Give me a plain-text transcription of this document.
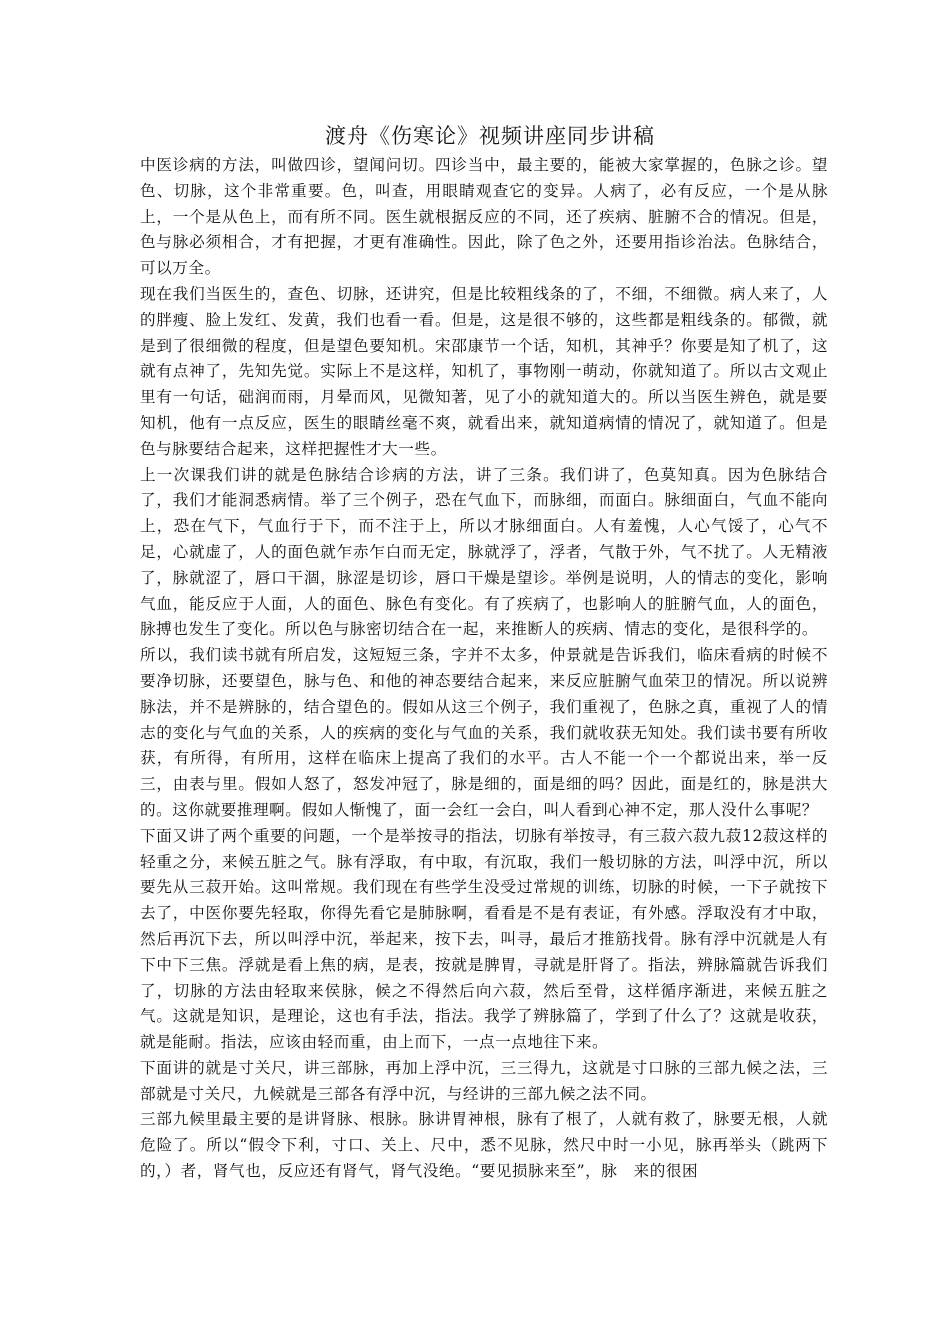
渡舟《伤寒论》视频讲座同步讲稿

中医诊病的方法，叫做四诊，望闻问切。四诊当中，最主要的，能被大家掌握的，色脉之诊。望色、切脉，这个非常重要。色，叫查，用眼睛观查它的变异。人病了，必有反应，一个是从脉上，一个是从色上，而有所不同。医生就根据反应的不同，还了疾病、脏腑不合的情况。但是，色与脉必须相合，才有把握，才更有准确性。因此，除了色之外，还要用指诊治法。色脉结合，可以万全。

现在我们当医生的，查色、切脉，还讲究，但是比较粗线条的了，不细，不细微。病人来了，人的胖瘦、脸上发红、发黄，我们也看一看。但是，这是很不够的，这些都是粗线条的。郁微，就是到了很细微的程度，但是望色要知机。宋邵康节一个话，知机，其神乎？你要是知了机了，这就有点神了，先知先觉。实际上不是这样，知机了，事物刚一萌动，你就知道了。所以古文观止里有一句话，础润而雨，月晕而风，见微知著，见了小的就知道大的。所以当医生辨色，就是要知机，他有一点反应，医生的眼睛丝毫不爽，就看出来，就知道病情的情况了，就知道了。但是色与脉要结合起来，这样把握性才大一些。

上一次课我们讲的就是色脉结合诊病的方法，讲了三条。我们讲了，色莫知真。因为色脉结合了，我们才能洞悉病情。举了三个例子，恐在气血下，而脉细，而面白。脉细面白，气血不能向上，恐在气下，气血行于下，而不注于上，所以才脉细面白。人有羞愧，人心气馁了，心气不足，心就虚了，人的面色就乍赤乍白而无定，脉就浮了，浮者，气散于外，气不扰了。人无精液了，脉就涩了，唇口干涸，脉涩是切诊，唇口干燥是望诊。举例是说明，人的情志的变化，影响气血，能反应于人面，人的面色、脉色有变化。有了疾病了，也影响人的脏腑气血，人的面色，脉搏也发生了变化。所以色与脉密切结合在一起，来推断人的疾病、情志的变化，是很科学的。

所以，我们读书就有所启发，这短短三条，字并不太多，仲景就是告诉我们，临床看病的时候不要净切脉，还要望色，脉与色、和他的神态要结合起来，来反应脏腑气血荣卫的情况。所以说辨脉法，并不是辨脉的，结合望色的。假如从这三个例子，我们重视了，色脉之真，重视了人的情志的变化与气血的关系，人的疾病的变化与气血的关系，我们就收获无知处。我们读书要有所收获，有所得，有所用，这样在临床上提高了我们的水平。古人不能一个一个都说出来，举一反三，由表与里。假如人怒了，怒发冲冠了，脉是细的，面是细的吗？因此，面是红的，脉是洪大的。这你就要推理啊。假如人惭愧了，面一会红一会白，叫人看到心神不定，那人没什么事呢？

下面又讲了两个重要的问题，一个是举按寻的指法，切脉有举按寻，有三菽六菽九菽12菽这样的轻重之分，来候五脏之气。脉有浮取，有中取，有沉取，我们一般切脉的方法，叫浮中沉，所以要先从三菽开始。这叫常规。我们现在有些学生没受过常规的训练，切脉的时候，一下子就按下去了，中医你要先轻取，你得先看它是肺脉啊，看看是不是有表证，有外感。浮取没有才中取，然后再沉下去，所以叫浮中沉，举起来，按下去，叫寻，最后才推筋找骨。脉有浮中沉就是人有下中下三焦。浮就是看上焦的病，是表，按就是脾胃，寻就是肝肾了。指法，辨脉篇就告诉我们了，切脉的方法由轻取来侯脉，候之不得然后向六菽，然后至骨，这样循序渐进，来候五脏之气。这就是知识，是理论，这也有手法，指法。我学了辨脉篇了，学到了什么了？这就是收获，就是能耐。指法，应该由轻而重，由上而下，一点一点地往下来。

下面讲的就是寸关尺，讲三部脉，再加上浮中沉，三三得九，这就是寸口脉的三部九候之法，三部就是寸关尺，九候就是三部各有浮中沉，与经讲的三部九候之法不同。

三部九候里最主要的是讲肾脉、根脉。脉讲胃神根，脉有了根了，人就有救了，脉要无根，人就危险了。所以“假令下利，寸口、关上、尺中，悉不见脉，然尺中时一小见，脉再举头（跳两下的，）者，肾气也，反应还有肾气，肾气没绝。“要见损脉来至”，脉　来的很困
